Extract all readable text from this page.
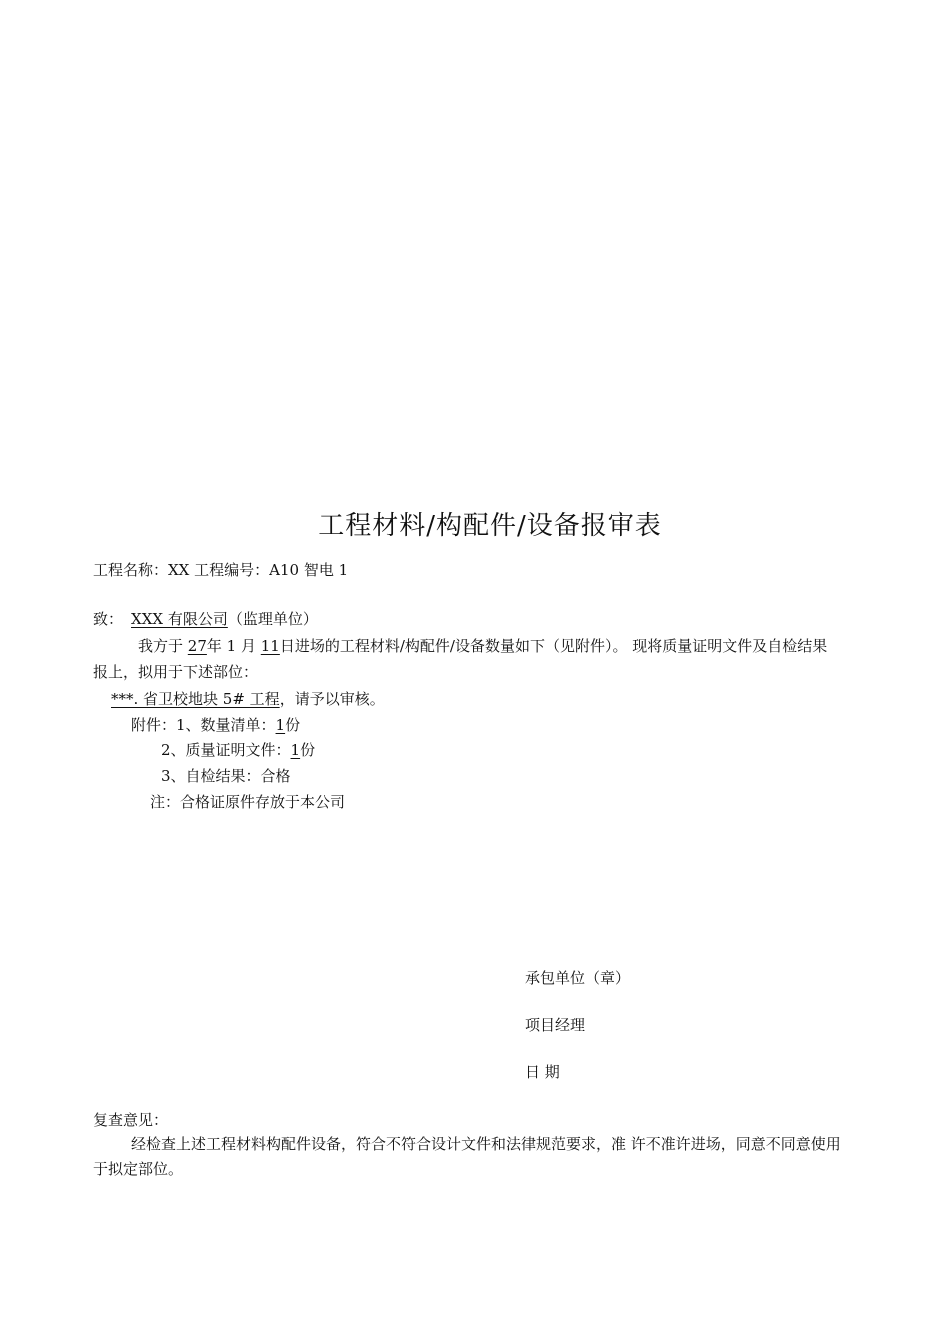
工程材料/构配件/设备报审表
工程名称：XX 工程编号：A10 智电 1
致： XXX 有限公司（监理单位）
我方于 27年 1 月 11日进场的工程材料/构配件/设备数量如下（见附件）。 现将质量证明文件及自检结果
报上，拟用于下述部位：
***. 省卫校地块 5# 工程，请予以审核。
附件：1、数量清单：1份
2、质量证明文件：1份
3、自检结果：合格
注：合格证原件存放于本公司
承包单位（章）
项目经理
日 期
复查意见：
经检查上述工程材料构配件设备，符合不符合设计文件和法律规范要求，准 许不准许进场，同意不同意使用
于拟定部位。
